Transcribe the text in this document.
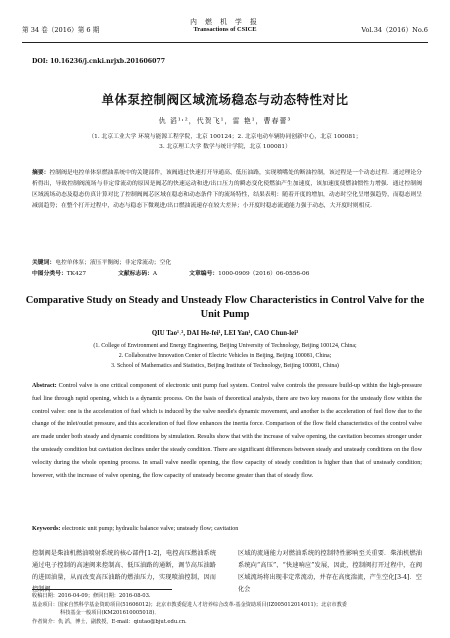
第 34 卷（2016）第 6 期
内 燃 机 学 报
Transactions of CSICE	Vol.34（2016）No.6
DOI: 10.16236/j.cnki.nrjxb.201606077
单体泵控制阀区域流场稳态与动态特性对比
仇 滔¹˒²，代贺飞¹，雷 艳¹，曹春蕾³
（1. 北京工业大学 环境与能源工程学院，北京 100124；2. 北京电动车辆协同创新中心，北京 100081；
3. 北京理工大学 数学与统计学院，北京 100081）
摘要：控制阀是电控单体泵燃油系统中的关键部件，该阀通过快速打开导通高、低压油路，实现喷嘴处的断油控制，该过程是一个动态过程．通过理论分析得出，导致控制阀流场与非定常流动的原因是阀芯的快速运动和进/出口压力的瞬态变化使燃油产生加速度，该加速度使燃油惯性力增强．通过控制阀区域流场动态及稳态仿真计算对比了控制阀阀芯区域在稳态和动态条件下的流场特性，结果表明：随着开度的增加，动态时空化呈增强趋势，而稳态则呈减弱趋势；在整个打开过程中，动态与稳态下微观进/出口燃油流速存在较大差异；小开度时稳态流通能力强于动态，大开度时则相反．
关键词：电控单体泵；液压平衡阀；非定常流动；空化
中图分类号：TK427	文献标志码：A	文章编号：1000-0909（2016）06-0556-06
Comparative Study on Steady and Unsteady Flow Characteristics in Control Valve for the Unit Pump
QIU Tao¹˒², DAI He-fei¹, LEI Yan¹, CAO Chun-lei³
(1. College of Environment and Energy Engineering, Beijing University of Technology, Beijing 100124, China;
2. Collaborative Innovation Center of Electric Vehicles in Beijing, Beijing 100081, China;
3. School of Mathematics and Statistics, Beijing Institute of Technology, Beijing 100081, China)
Abstract: Control valve is one critical component of electronic unit pump fuel system. Control valve controls the pressure build-up within the high-pressure fuel line through rapid opening, which is a dynamic process. On the basis of theoretical analysis, there are two key reasons for the unsteady flow within the control valve: one is the acceleration of fuel which is induced by the valve needle's dynamic movement, and another is the acceleration of fuel flow due to the change of the inlet/outlet pressure, and this acceleration of fuel flow enhances the inertia force. Comparison of the flow field characteristics of the control valve are made under both steady and dynamic conditions by simulation. Results show that with the increase of valve opening, the cavitation becomes stronger under the unsteady condition but cavitation declines under the steady condition. There are significant differences between steady and unsteady conditions on the flow velocity during the whole opening process. In small valve needle opening, the flow capacity of steady condition is higher than that of unsteady condition; however, with the increase of valve opening, the flow capacity of unsteady become greater than that of steady flow.
Keywords: electronic unit pump; hydraulic balance valve; unsteady flow; cavitation
控制阀是柴油机燃油喷射系统的核心部件[1-2]，电控高压燃油系统通过电子控制的高速阀来控制高、低压油路的通断，调节高压油路的进回油量，从而改变高压油路的燃油压力，实现喷油控制，因而控制阀
区域的流通能力对燃油系统的控制特性影响至关重要．柴油机燃油系统向“高压”、“快速响应”发展，因此，控制阀打开过程中，在阀区域流场将出现非定常流动，并存在高度湍流，产生空化[3-4]．空化会
收稿日期：2016-04-09；修回日期：2016-08-03.
基金项目：国家自然科学基金资助项目(51606012)；北京市教委促进人才培养综合改革-基金资助项目(IZ005012014011)；北京市教委
科技基金一般项目(KM201610005018)．
作者简介：仇 滔，博士，副教授，E-mail：qiutao@bjut.edu.cn.
